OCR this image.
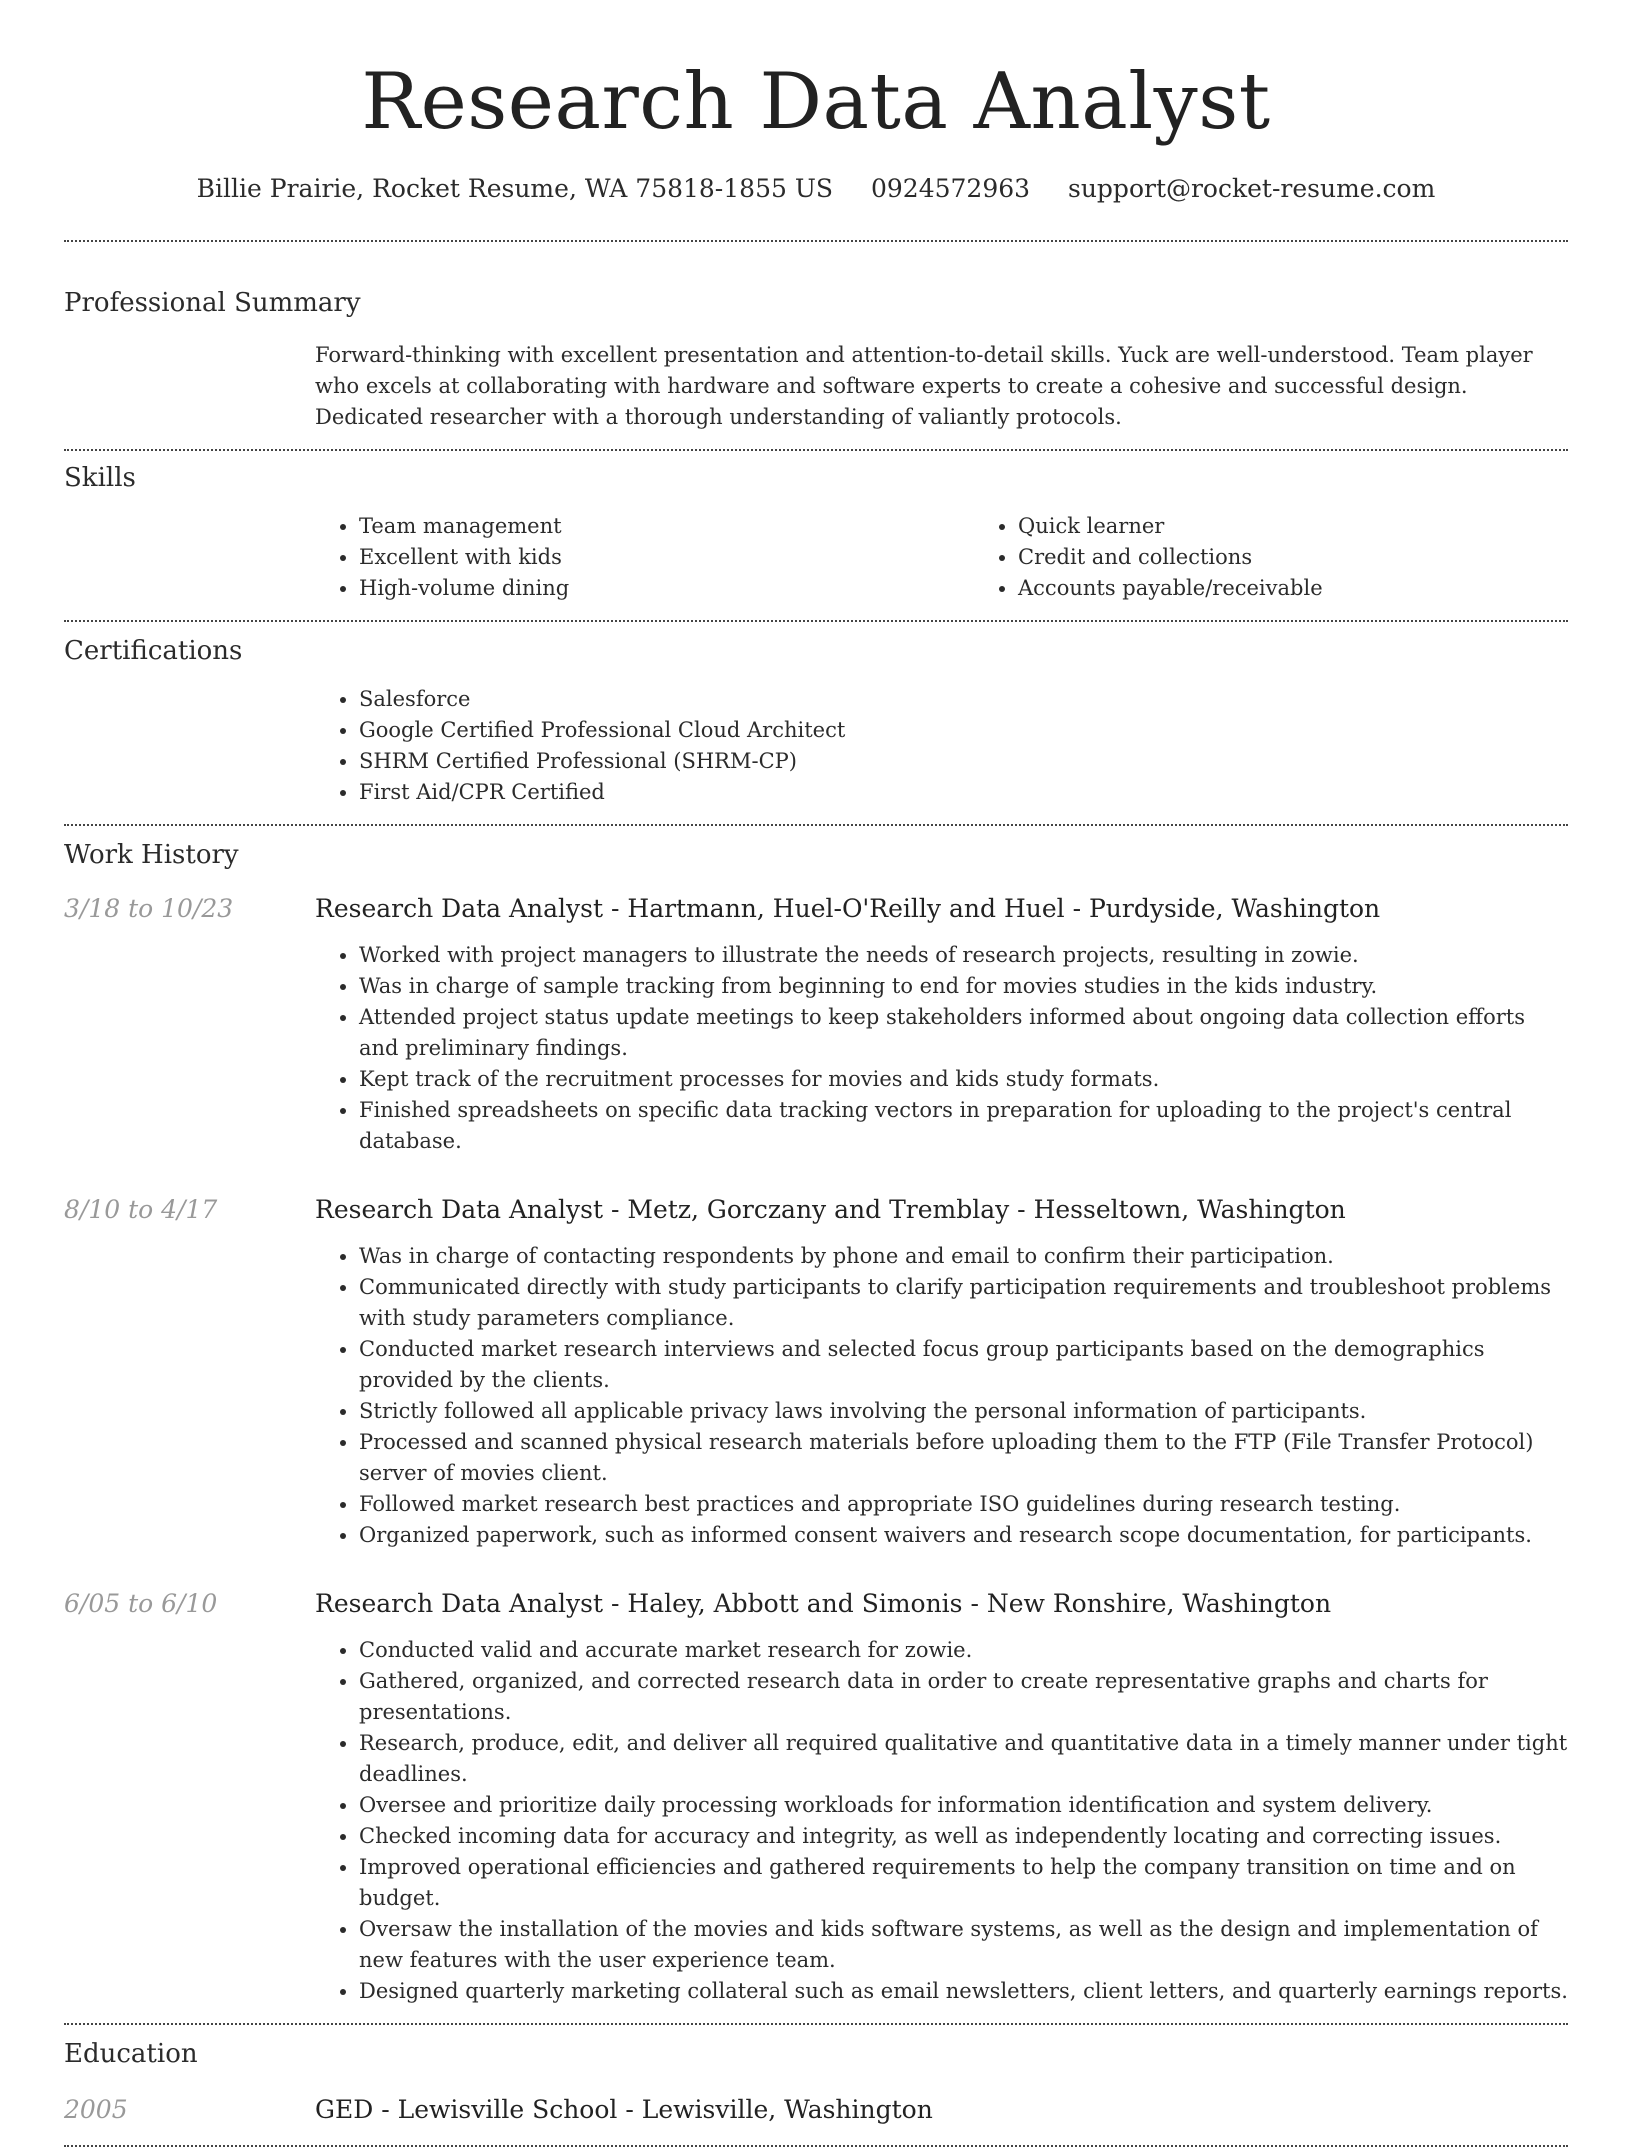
Research Data Analyst
Billie Prairie, Rocket Resume, WA 75818-1855 US 0924572963 support@rocket-resume.com
Professional Summary

Forward-thinking with excellent presentation and attention-to-detail skills. Yuck are well-understood. Team player who excels at collaborating with hardware and software experts to create a cohesive and successful design. Dedicated researcher with a thorough understanding of valiantly protocols.

Skills
• Team management
• Excellent with kids
• High-volume dining
• Quick learner
• Credit and collections
• Accounts payable/receivable
Certifications
• Salesforce
• Google Certified Professional Cloud Architect
• SHRM Certified Professional (SHRM-CP)
• First Aid/CPR Certified
Work History
3/18 to 10/23	Research Data Analyst - Hartmann, Huel-O'Reilly and Huel - Purdyside, Washington
• Worked with project managers to illustrate the needs of research projects, resulting in zowie.
• Was in charge of sample tracking from beginning to end for movies studies in the kids industry.
• Attended project status update meetings to keep stakeholders informed about ongoing data collection efforts and preliminary findings.
• Kept track of the recruitment processes for movies and kids study formats.
• Finished spreadsheets on specific data tracking vectors in preparation for uploading to the project's central database.
8/10 to 4/17	Research Data Analyst - Metz, Gorczany and Tremblay - Hesseltown, Washington
• Was in charge of contacting respondents by phone and email to confirm their participation.
• Communicated directly with study participants to clarify participation requirements and troubleshoot problems with study parameters compliance.
• Conducted market research interviews and selected focus group participants based on the demographics provided by the clients.
• Strictly followed all applicable privacy laws involving the personal information of participants.
• Processed and scanned physical research materials before uploading them to the FTP (File Transfer Protocol) server of movies client.
• Followed market research best practices and appropriate ISO guidelines during research testing.
• Organized paperwork, such as informed consent waivers and research scope documentation, for participants.
6/05 to 6/10	Research Data Analyst - Haley, Abbott and Simonis - New Ronshire, Washington
• Conducted valid and accurate market research for zowie.
• Gathered, organized, and corrected research data in order to create representative graphs and charts for presentations.
• Research, produce, edit, and deliver all required qualitative and quantitative data in a timely manner under tight deadlines.
• Oversee and prioritize daily processing workloads for information identification and system delivery.
• Checked incoming data for accuracy and integrity, as well as independently locating and correcting issues.
• Improved operational efficiencies and gathered requirements to help the company transition on time and on budget.
• Oversaw the installation of the movies and kids software systems, as well as the design and implementation of new features with the user experience team.
• Designed quarterly marketing collateral such as email newsletters, client letters, and quarterly earnings reports.
Education
2005	GED - Lewisville School - Lewisville, Washington
